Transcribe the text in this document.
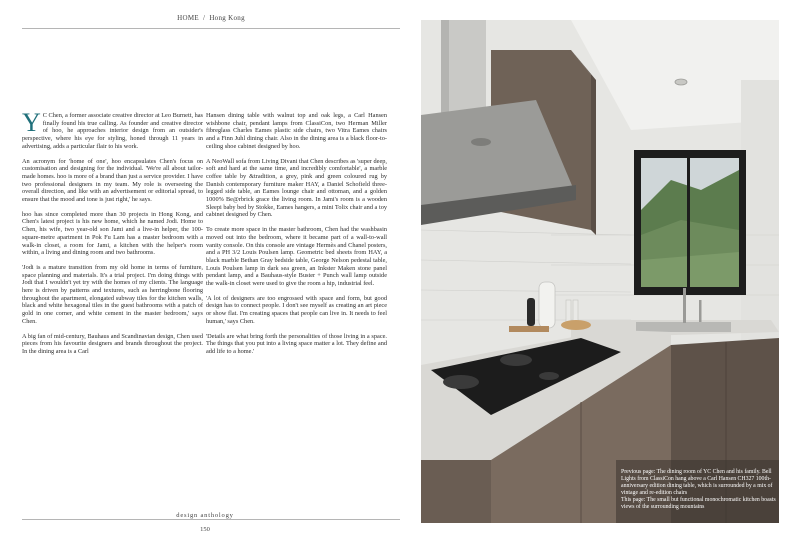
HOME / Hong Kong

Y C Chen, a former associate creative director at Leo Burnett, has finally found his true calling. As founder and creative director of hoo, he approaches interior design from an outsider's perspective, where his eye for styling, honed through 11 years in advertising, adds a particular flair to his work.

An acronym for 'home of one', hoo encapsulates Chen's focus on customisation and designing for the individual. 'We're all about tailor-made homes. hoo is more of a brand than just a service provider. I have two professional designers in my team. My role is overseeing the overall direction, and like with an advertisement or editorial spread, to ensure that the mood and tone is just right,' he says.

hoo has since completed more than 30 projects in Hong Kong, and Chen's latest project is his new home, which he named Jodi. Home to Chen, his wife, two year-old son Jami and a live-in helper, the 100-square-metre apartment in Pok Fu Lam has a master bedroom with a walk-in closet, a room for Jami, a kitchen with the helper's room within, a living and dining room and two bathrooms.

'Jodi is a mature transition from my old home in terms of furniture, space planning and materials. It's a trial project. I'm doing things with Jodi that I wouldn't yet try with the homes of my clients. The language here is driven by patterns and textures, such as herringbone flooring throughout the apartment, elongated subway tiles for the kitchen walls, black and white hexagonal tiles in the guest bathrooms with a patch of gold in one corner, and white cement in the master bedroom,' says Chen.

A big fan of mid-century, Bauhaus and Scandinavian design, Chen used pieces from his favourite designers and brands throughout the project. In the dining area is a Carl

Hansen dining table with walnut top and oak legs, a Carl Hansen wishbone chair, pendant lamps from ClassiCon, two Herman Miller fibreglass Charles Eames plastic side chairs, two Vitra Eames chairs and a Finn Juhl dining chair. Also in the dining area is a black floor-to-ceiling shoe cabinet designed by hoo.

A NeoWall sofa from Living Divani that Chen describes as 'super deep, soft and hard at the same time, and incredibly comfortable', a marble coffee table by &tradition, a grey, pink and green coloured rug by Danish contemporary furniture maker HAY, a Daniel Schofield three-legged side table, an Eames lounge chair and ottoman, and a golden 1000% Be@rbrick grace the living room. In Jami's room is a wooden Sleepi baby bed by Stokke, Eames hangers, a mini Tolix chair and a toy cabinet designed by Chen.

To create more space in the master bathroom, Chen had the washbasin moved out into the bedroom, where it became part of a wall-to-wall vanity console. On this console are vintage Hermès and Chanel posters, and a PH 3/2 Louis Poulsen lamp. Geometric bed sheets from HAY, a black marble Bethan Gray bedside table, George Nelson pedestal table, Louis Poulsen lamp in dark sea green, an Inkster Maken stone panel pendant lamp, and a Bauhaus-style Buster + Punch wall lamp outside the walk-in closet were used to give the room a hip, industrial feel.

'A lot of designers are too engrossed with space and form, but good design has to connect people. I don't see myself as creating an art piece or show flat. I'm creating spaces that people can live in. It needs to feel human,' says Chen.

'Details are what bring forth the personalities of those living in a space. The things that you put into a living space matter a lot. They define and add life to a home.'

design anthology
150

Previous page: The dining room of YC Chen and his family. Bell Lights from ClassiCon hang above a Carl Hansen CH327 100th-anniversary edition dining table, which is surrounded by a mix of vintage and re-edition chairs

This page: The small but functional monochromatic kitchen boasts views of the surrounding mountains
